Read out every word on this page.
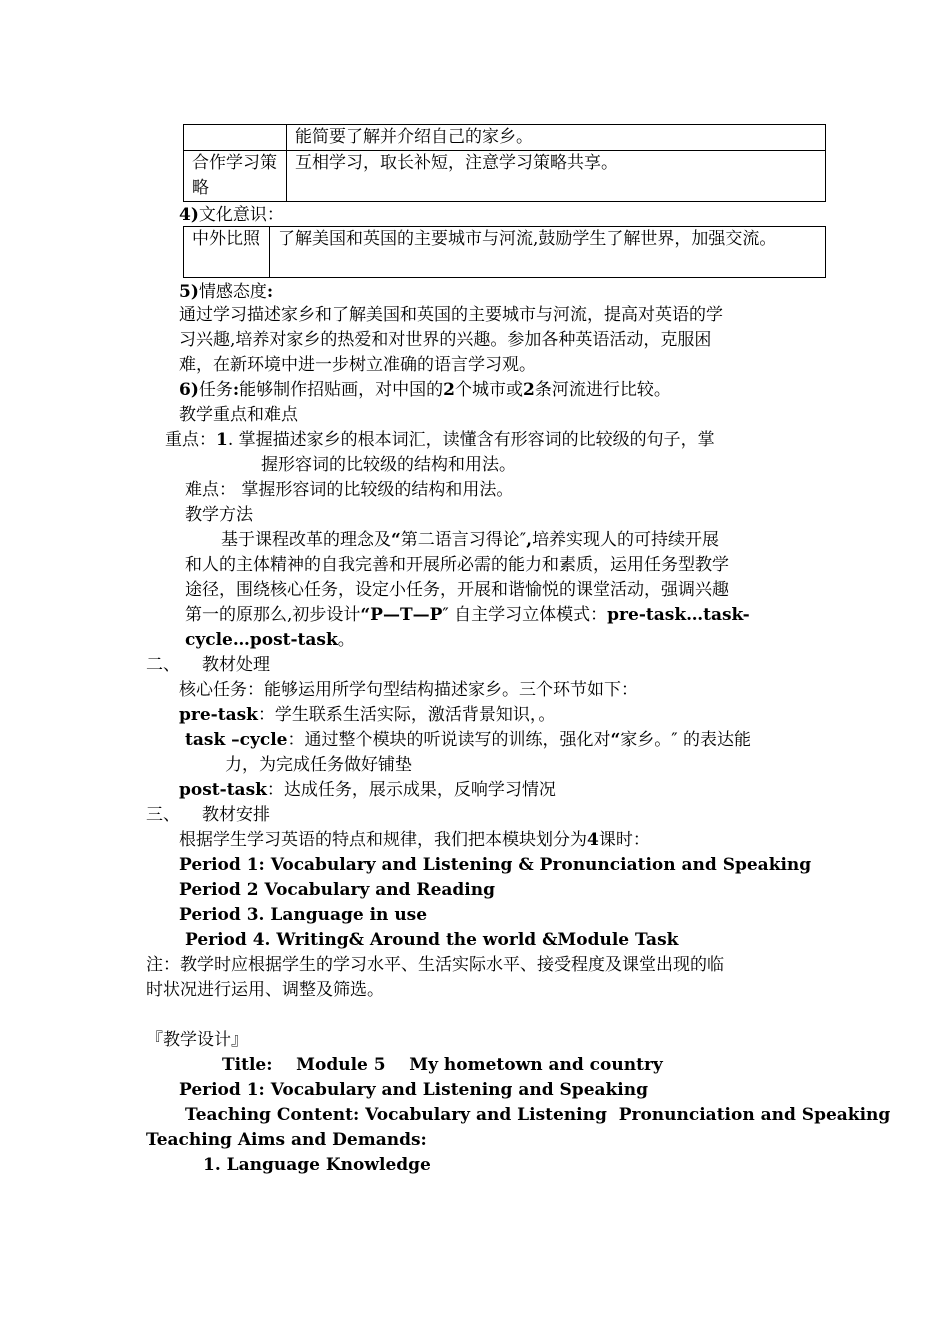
	能简要了解并介绍自己的家乡。
合作学习策略	互相学习，取长补短，注意学习策略共享。
4)文化意识：
中外比照	了解美国和英国的主要城市与河流,鼓励学生了解世界，加强交流。
5)情感态度:
通过学习描述家乡和了解美国和英国的主要城市与河流，提高对英语的学
习兴趣,培养对家乡的热爱和对世界的兴趣。参加各种英语活动，克服困
难，在新环境中进一步树立准确的语言学习观。
6)任务:能够制作招贴画，对中国的2个城市或2条河流进行比较。
教学重点和难点
重点：1. 掌握描述家乡的根本词汇，读懂含有形容词的比较级的句子，掌
握形容词的比较级的结构和用法。
难点： 掌握形容词的比较级的结构和用法。
教学方法
基于课程改革的理念及“第二语言习得论″,培养实现人的可持续开展
和人的主体精神的自我完善和开展所必需的能力和素质，运用任务型教学
途径，围绕核心任务，设定小任务，开展和谐愉悦的课堂活动，强调兴趣
第一的原那么,初步设计“P—T—P″ 自主学习立体模式：pre-task…task-
cycle…post-task。
二、 教材处理
核心任务：能够运用所学句型结构描述家乡。三个环节如下：
pre-task：学生联系生活实际，激活背景知识，。
task –cycle：通过整个模块的听说读写的训练，强化对“家乡。″ 的表达能
力，为完成任务做好铺垫
post-task：达成任务，展示成果，反响学习情况
三、 教材安排
根据学生学习英语的特点和规律，我们把本模块划分为4课时：
Period 1: Vocabulary and Listening & Pronunciation and Speaking
Period 2 Vocabulary and Reading
Period 3. Language in use
Period 4. Writing& Around the world &Module Task
注：教学时应根据学生的学习水平、生活实际水平、接受程度及课堂出现的临
时状况进行运用、调整及筛选。
『教学设计』
Title:    Module 5    My hometown and country
Period 1: Vocabulary and Listening and Speaking
Teaching Content: Vocabulary and Listening  Pronunciation and Speaking
Teaching Aims and Demands:
1. Language Knowledge
